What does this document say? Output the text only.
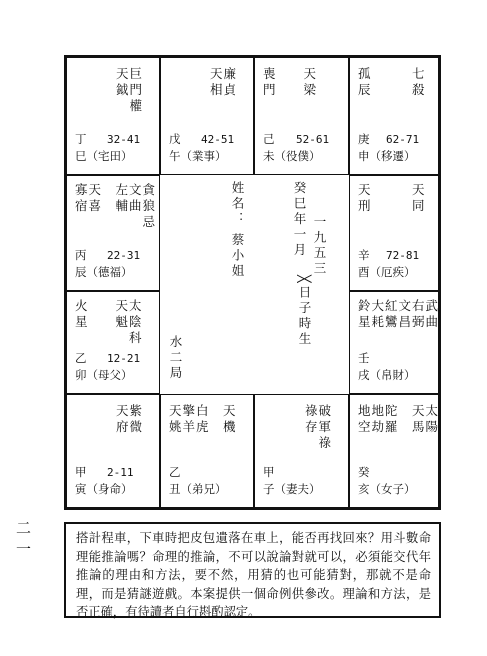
天巨
鉞門
權
丁 32-41
巳（宅田）
天廉
相貞
戊 42-51
午（業事）
喪　　天
門　　梁
己 52-61
未（役僕）
孤　　　七
辰　　　殺
庚 62-71
申（移遷）
寡天　左文貪
宿喜　輔曲狼
　　　　　忌
丙 22-31
辰（德福）
天　　　天
刑　　　同
辛 72-81
酉（厄疾）
火　　天太
星　　魁陰
　　　　科
乙 12-21
卯（母父）
鈴大紅文右武
星耗鸞昌弼曲
壬
戌（帛財）
天紫
府微
甲 2-11
寅（身命）
天擎白　天
姚羊虎　機
乙
丑（弟兄）
祿破
存軍
祿
甲
子（妻夫）
地地陀　天太
空劫羅　馬陽
癸
亥（女子）
姓名：
蔡小姐	癸巳年一月 一九五三
╳日子時生
水二局
搭計程車，下車時把皮包遺落在車上，能否再找回來？用斗數命理能推論嗎？命理的推論，不可以說論對就可以，必須能交代年推論的理由和方法，要不然，用猜的也可能猜對，那就不是命理，而是猜謎遊戲。本案提供一個命例供參改。理論和方法，是否正確，有待讀者自行斟酌認定。
二一
